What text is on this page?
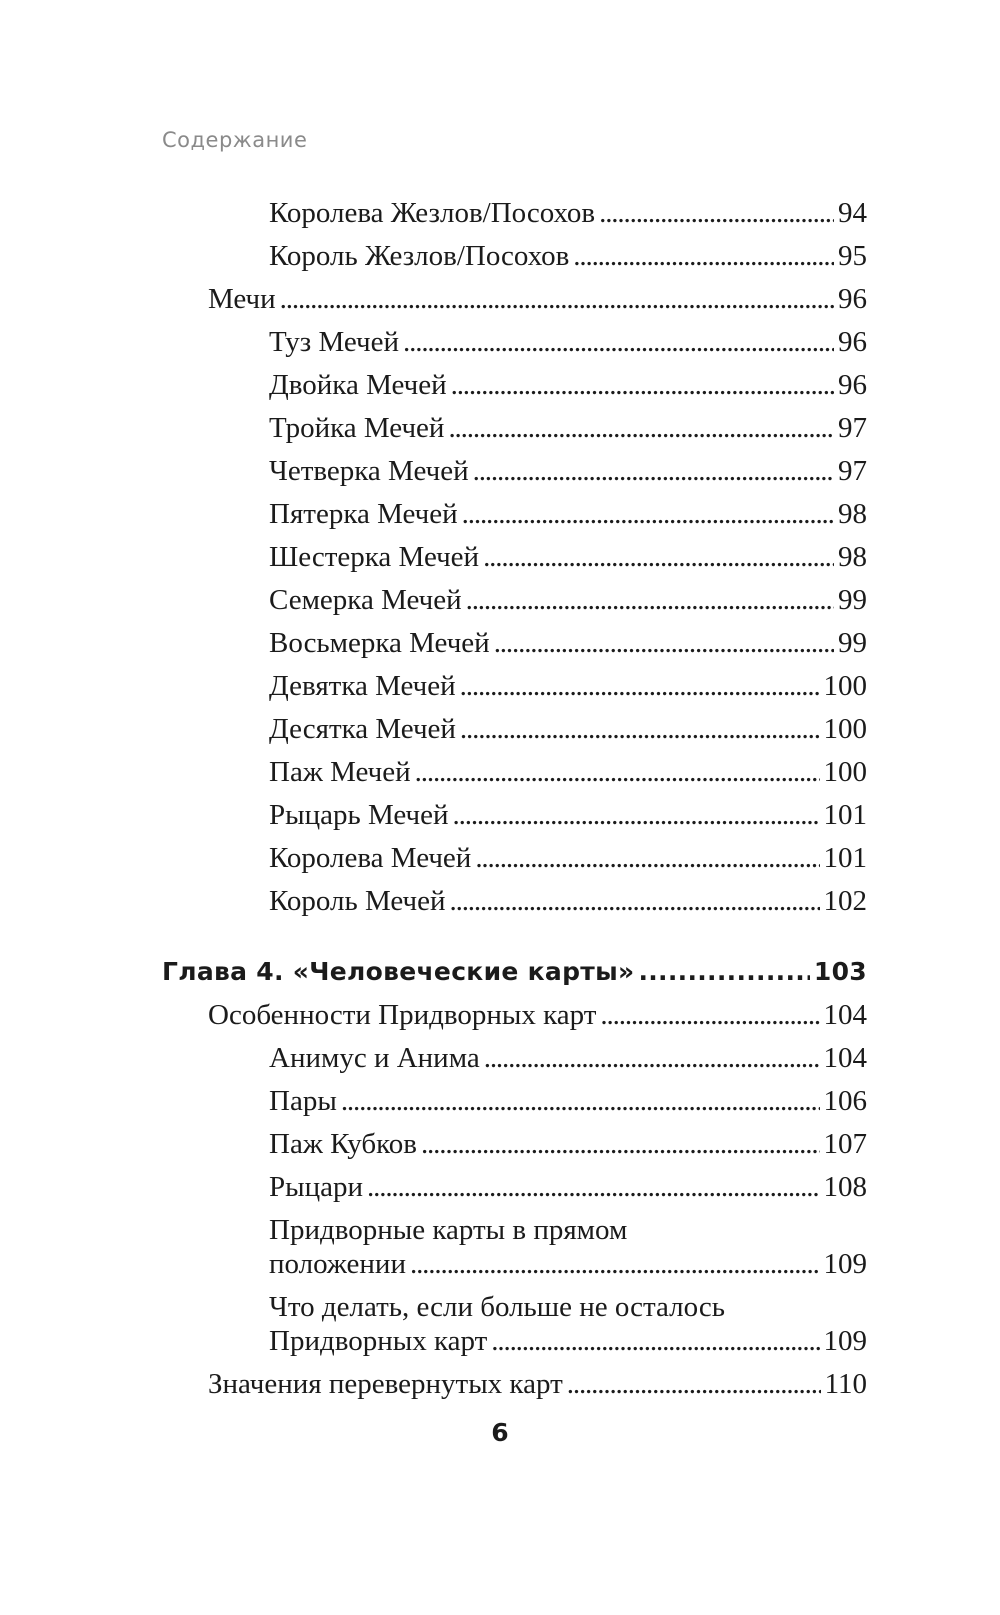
Содержание
Королева Жезлов/Посохов . . .	94
Король Жезлов/Посохов . . .	95
Мечи . . .	96
Туз Мечей . . .	96
Двойка Мечей . . .	96
Тройка Мечей . . .	97
Четверка Мечей . . .	97
Пятерка Мечей . . .	98
Шестерка Мечей . . .	98
Семерка Мечей . . .	99
Восьмерка Мечей . . .	99
Девятка Мечей . . .	100
Десятка Мечей . . .	100
Паж Мечей . . .	100
Рыцарь Мечей . . .	101
Королева Мечей . . .	101
Король Мечей . . .	102
Глава 4. «Человеческие карты» . . .	103
Особенности Придворных карт . . .	104
Анимус и Анима . . .	104
Пары . . .	106
Паж Кубков . . .	107
Рыцари . . .	108
Придворные карты в прямом
положении . . .	109
Что делать, если больше не осталось
Придворных карт . . .	109
Значения перевернутых карт . . .	110
6
